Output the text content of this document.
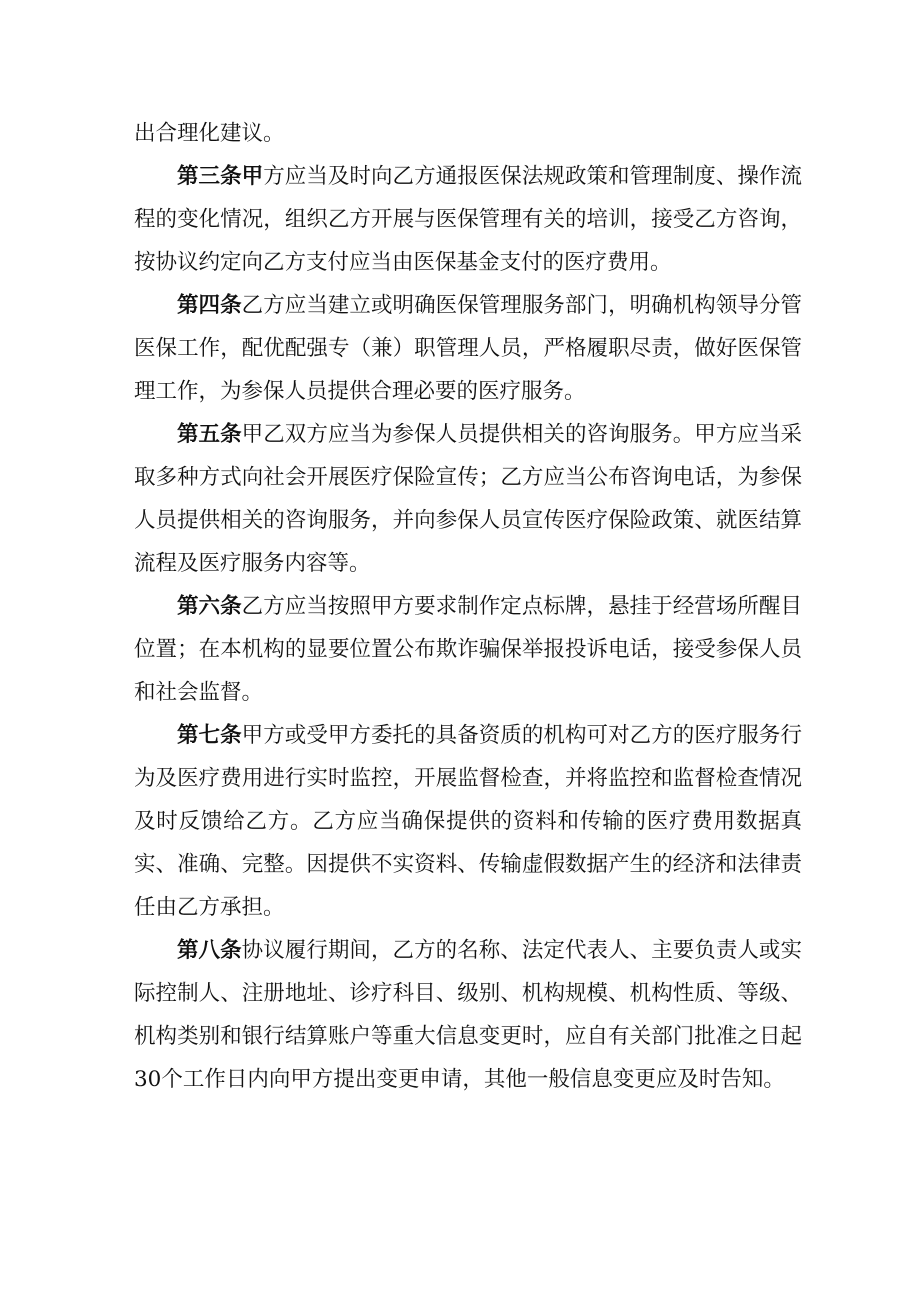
出合理化建议。

第三条甲方应当及时向乙方通报医保法规政策和管理制度、操作流程的变化情况，组织乙方开展与医保管理有关的培训，接受乙方咨询，按协议约定向乙方支付应当由医保基金支付的医疗费用。

第四条乙方应当建立或明确医保管理服务部门，明确机构领导分管医保工作，配优配强专（兼）职管理人员，严格履职尽责，做好医保管理工作，为参保人员提供合理必要的医疗服务。

第五条甲乙双方应当为参保人员提供相关的咨询服务。甲方应当采取多种方式向社会开展医疗保险宣传；乙方应当公布咨询电话，为参保人员提供相关的咨询服务，并向参保人员宣传医疗保险政策、就医结算流程及医疗服务内容等。

第六条乙方应当按照甲方要求制作定点标牌，悬挂于经营场所醒目位置；在本机构的显要位置公布欺诈骗保举报投诉电话，接受参保人员和社会监督。

第七条甲方或受甲方委托的具备资质的机构可对乙方的医疗服务行为及医疗费用进行实时监控，开展监督检查，并将监控和监督检查情况及时反馈给乙方。乙方应当确保提供的资料和传输的医疗费用数据真实、准确、完整。因提供不实资料、传输虚假数据产生的经济和法律责任由乙方承担。

第八条协议履行期间，乙方的名称、法定代表人、主要负责人或实际控制人、注册地址、诊疗科目、级别、机构规模、机构性质、等级、机构类别和银行结算账户等重大信息变更时，应自有关部门批准之日起30个工作日内向甲方提出变更申请，其他一般信息变更应及时告知。
